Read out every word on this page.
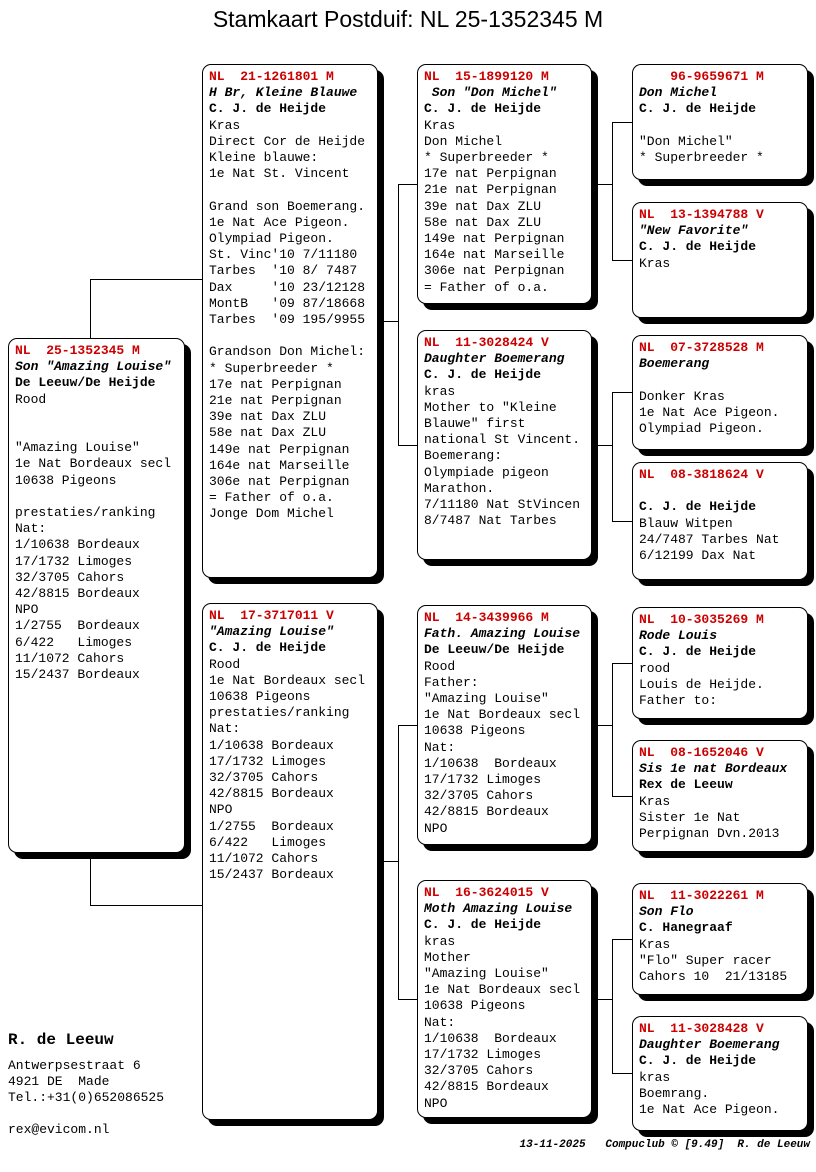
Stamkaart Postduif: NL 25-1352345 M
NL  25-1352345 M
Son "Amazing Louise"
De Leeuw/De Heijde
Rood

"Amazing Louise"
1e Nat Bordeaux secl
10638 Pigeons

prestaties/ranking
Nat:
1/10638 Bordeaux
17/1732 Limoges
32/3705 Cahors
42/8815 Bordeaux
NPO
1/2755  Bordeaux
6/422   Limoges
11/1072 Cahors
15/2437 Bordeaux
NL  21-1261801 M
H Br, Kleine Blauwe
C. J. de Heijde
Kras
Direct Cor de Heijde
Kleine blauwe:
1e Nat St. Vincent

Grand son Boemerang.
1e Nat Ace Pigeon.
Olympiad Pigeon.
St. Vinc'10 7/11180
Tarbes  '10 8/ 7487
Dax     '10 23/12128
MontB   '09 87/18668
Tarbes  '09 195/9955

Grandson Don Michel:
* Superbreeder *
17e nat Perpignan
21e nat Perpignan
39e nat Dax ZLU
58e nat Dax ZLU
149e nat Perpignan
164e nat Marseille
306e nat Perpignan
= Father of o.a.
Jonge Dom Michel
NL  17-3717011 V
"Amazing Louise"
C. J. de Heijde
Rood
1e Nat Bordeaux secl
10638 Pigeons
prestaties/ranking
Nat:
1/10638 Bordeaux
17/1732 Limoges
32/3705 Cahors
42/8815 Bordeaux
NPO
1/2755  Bordeaux
6/422   Limoges
11/1072 Cahors
15/2437 Bordeaux
NL  15-1899120 M
Son "Don Michel"
C. J. de Heijde
Kras
Don Michel
* Superbreeder *
17e nat Perpignan
21e nat Perpignan
39e nat Dax ZLU
58e nat Dax ZLU
149e nat Perpignan
164e nat Marseille
306e nat Perpignan
= Father of o.a.
NL  11-3028424 V
Daughter Boemerang
C. J. de Heijde
kras
Mother to "Kleine
Blauwe" first
national St Vincent.
Boemerang:
Olympiade pigeon
Marathon.
7/11180 Nat StVincen
8/7487 Nat Tarbes
NL  14-3439966 M
Fath. Amazing Louise
De Leeuw/De Heijde
Rood
Father:
"Amazing Louise"
1e Nat Bordeaux secl
10638 Pigeons
Nat:
1/10638  Bordeaux
17/1732 Limoges
32/3705 Cahors
42/8815 Bordeaux
NPO
NL  16-3624015 V
Moth Amazing Louise
C. J. de Heijde
kras
Mother
"Amazing Louise"
1e Nat Bordeaux secl
10638 Pigeons
Nat:
1/10638  Bordeaux
17/1732 Limoges
32/3705 Cahors
42/8815 Bordeaux
NPO
96-9659671 M
Don Michel
C. J. de Heijde

"Don Michel"
* Superbreeder *
NL  13-1394788 V
"New Favorite"
C. J. de Heijde
Kras
NL  07-3728528 M
Boemerang

Donker Kras
1e Nat Ace Pigeon.
Olympiad Pigeon.
NL  08-3818624 V

C. J. de Heijde
Blauw Witpen
24/7487 Tarbes Nat
6/12199 Dax Nat
NL  10-3035269 M
Rode Louis
C. J. de Heijde
rood
Louis de Heijde.
Father to:
NL  08-1652046 V
Sis 1e nat Bordeaux
Rex de Leeuw
Kras
Sister 1e Nat
Perpignan Dvn.2013
NL  11-3022261 M
Son Flo
C. Hanegraaf
Kras
"Flo" Super racer
Cahors 10  21/13185
NL  11-3028428 V
Daughter Boemerang
C. J. de Heijde
kras
Boemrang.
1e Nat Ace Pigeon.
R. de Leeuw
Antwerpsestraat 6
4921 DE  Made
Tel.:+31(0)652086525
rex@evicom.nl
13-11-2025   Compuclub © [9.49]  R. de Leeuw
